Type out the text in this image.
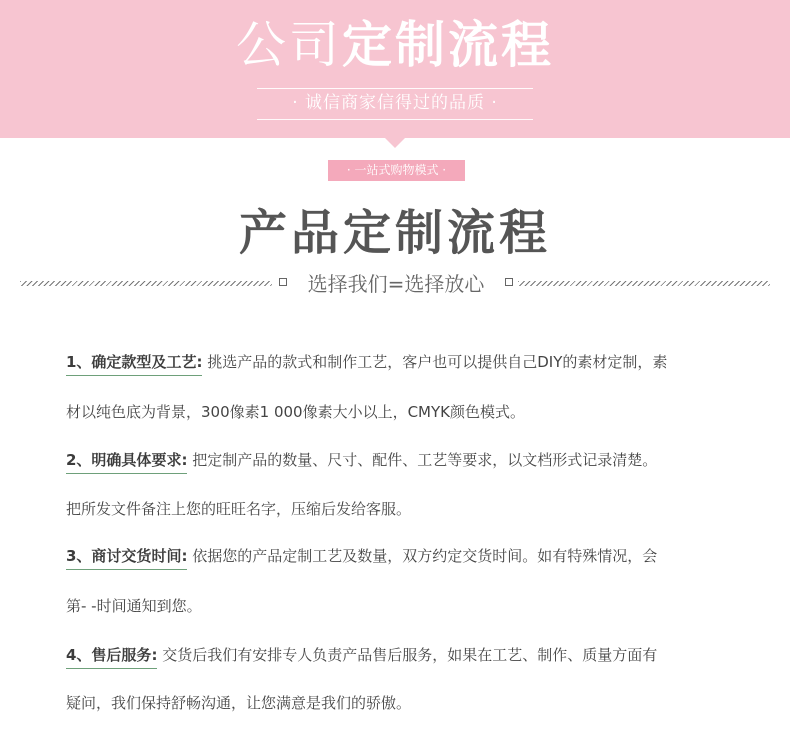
公司定制流程
· 诚信商家信得过的品质 ·
· 一站式购物模式 ·
产品定制流程
选择我们=选择放心
1、确定款型及工艺: 挑选产品的款式和制作工艺，客户也可以提供自己DIY的素材定制，素
材以纯色底为背景，300像素1 000像素大小以上，CMYK颜色模式。
2、明确具体要求: 把定制产品的数量、尺寸、配件、工艺等要求，以文档形式记录清楚。
把所发文件备注上您的旺旺名字，压缩后发给客服。
3、商讨交货时间: 依据您的产品定制工艺及数量，双方约定交货时间。如有特殊情况，会
第- -时间通知到您。
4、售后服务: 交货后我们有安排专人负责产品售后服务，如果在工艺、制作、质量方面有
疑问，我们保持舒畅沟通，让您满意是我们的骄傲。
